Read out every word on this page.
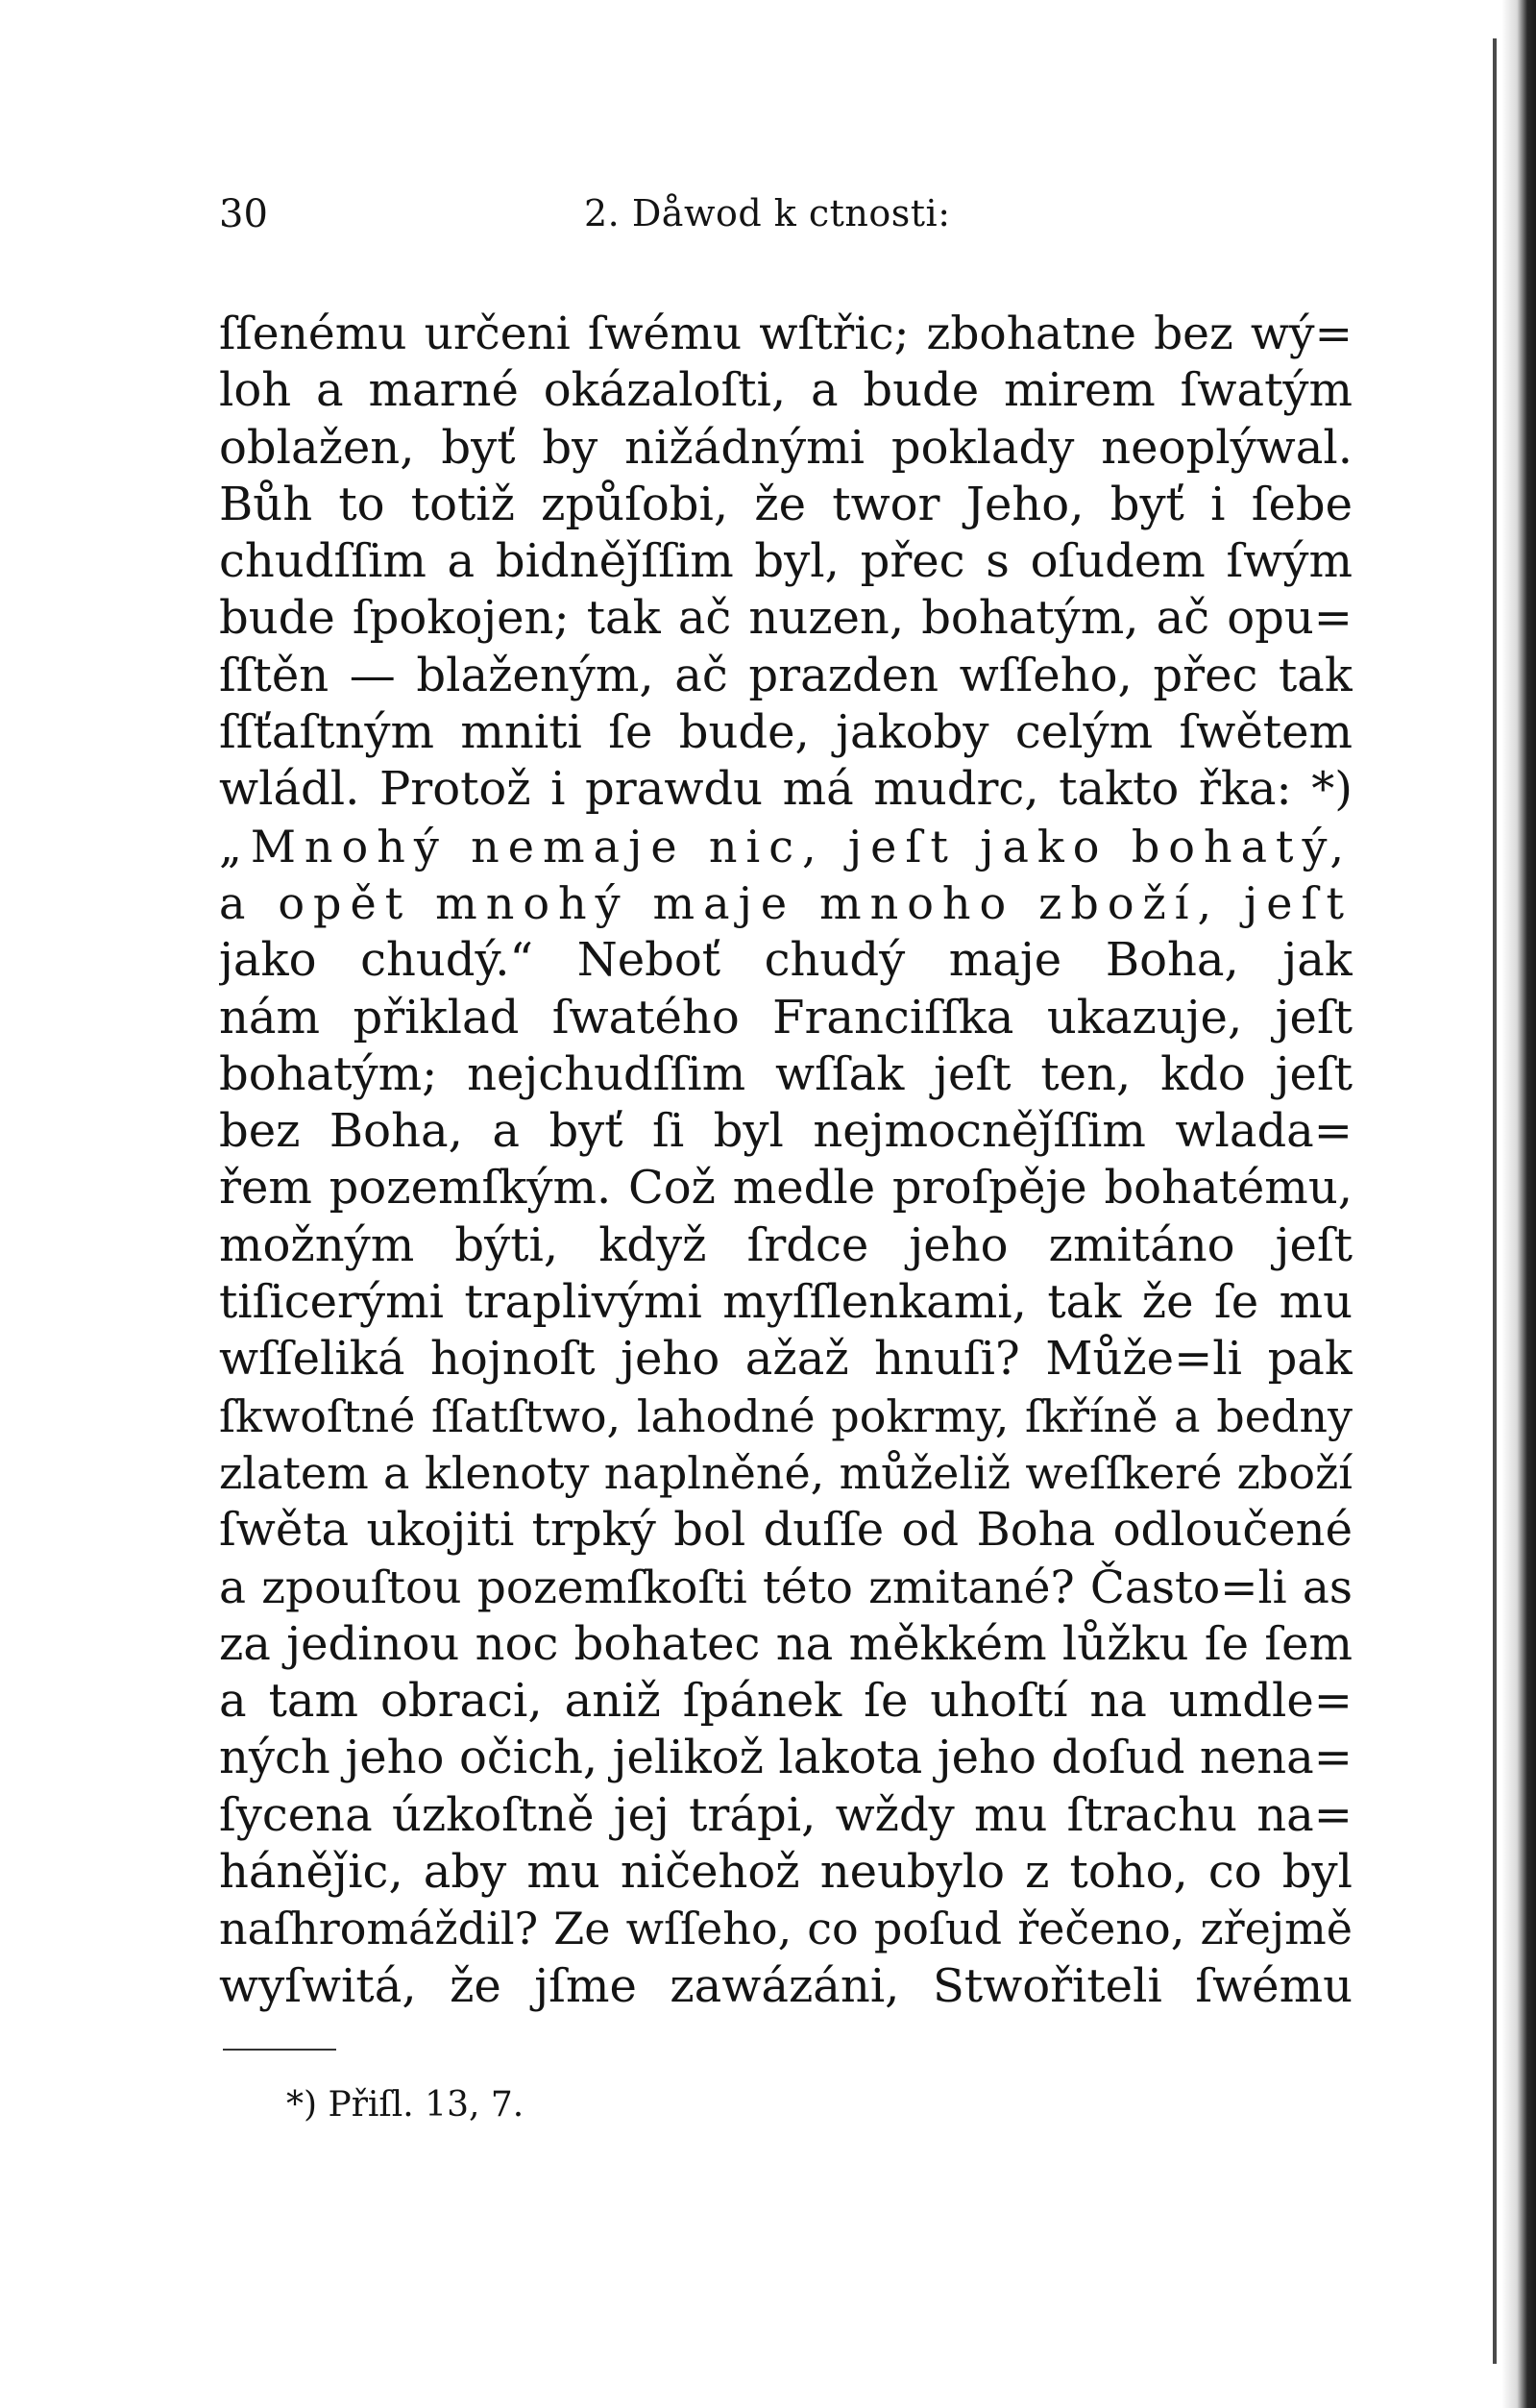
30	2. Dåwod k ctnosti:
ſſenému určeni ſwému wſtřic; zbohatne bez wý=
loh a marné okázaloſti, a bude mirem ſwatým
oblažen, byť by nižádnými poklady neoplýwal.
Bůh to totiž způſobi, že twor Jeho, byť i ſebe
chudſſim a bidněǰſſim byl, přec s oſudem ſwým
bude ſpokojen; tak ač nuzen, bohatým, ač opu=
ſſtěn — blaženým, ač prazden wſſeho, přec tak
ſſťaſtným mniti ſe bude, jakoby celým ſwětem
wládl. Protož i prawdu má mudrc, takto řka: *)
„Mnohý nemaje nic, jeſt jako bohatý,
a opět mnohý maje mnoho zboží, jeſt
jako chudý.“ Neboť chudý maje Boha, jak
nám přiklad ſwatého Franciſſka ukazuje, jeſt
bohatým; nejchudſſim wſſak jeſt ten, kdo jeſt
bez Boha, a byť ſi byl nejmocněǰſſim wlada=
řem pozemſkým. Což medle proſpěje bohatému,
možným býti, když ſrdce jeho zmitáno jeſt
tiſicerými traplivými myſſlenkami, tak že ſe mu
wſſeliká hojnoſt jeho ažaž hnuſi? Může=li pak
ſkwoſtné ſſatſtwo, lahodné pokrmy, ſkříně a bedny
zlatem a klenoty naplněné, můželiž weſſkeré zboží
ſwěta ukojiti trpký bol duſſe od Boha odloučené
a zpouſtou pozemſkoſti této zmitané? Často=li as
za jedinou noc bohatec na měkkém lůžku ſe ſem
a tam obraci, aniž ſpánek ſe uhoſtí na umdle=
ných jeho očich, jelikož lakota jeho doſud nena=
ſycena úzkoſtně jej trápi, wždy mu ſtrachu na=
háněǰic, aby mu ničehož neubylo z toho, co byl
naſhromáždil? Ze wſſeho, co poſud řečeno, zřejmě
wyſwitá, že jſme zawázáni, Stwořiteli ſwému
*) Přiſl. 13, 7.
